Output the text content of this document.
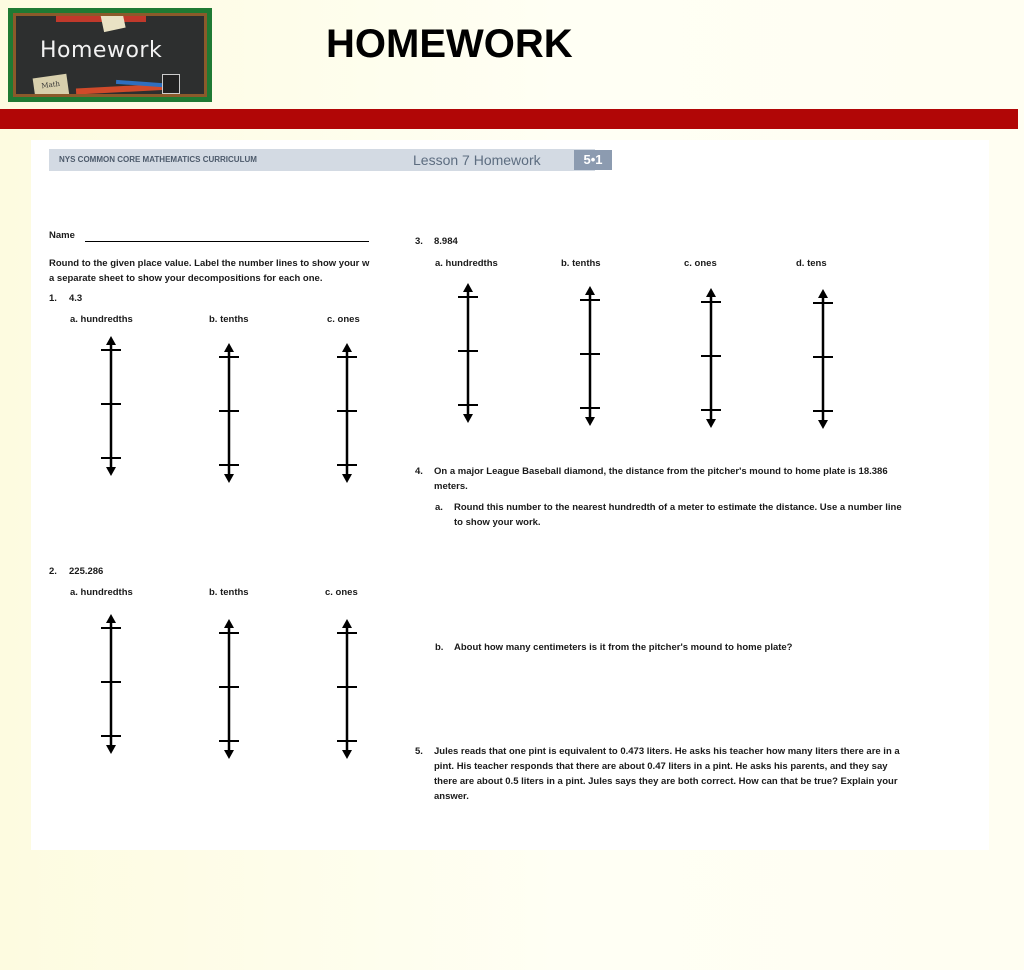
Homework
Math
HOMEWORK
NYS COMMON CORE MATHEMATICS CURRICULUM	Lesson 7 Homework	5•1
Name
Round to the given place value. Label the number lines to show your w
a separate sheet to show your decompositions for each one.
1. 4.3
a. hundredths	b. tenths	c. ones
2. 225.286
a. hundredths	b. tenths	c. ones
3. 8.984
a. hundredths	b. tenths	c. ones	d. tens
4. On a major League Baseball diamond, the distance from the pitcher's mound to home plate is 18.386
meters.
a. Round this number to the nearest hundredth of a meter to estimate the distance. Use a number line
to show your work.
b. About how many centimeters is it from the pitcher's mound to home plate?
5. Jules reads that one pint is equivalent to 0.473 liters. He asks his teacher how many liters there are in a
pint. His teacher responds that there are about 0.47 liters in a pint. He asks his parents, and they say
there are about 0.5 liters in a pint. Jules says they are both correct. How can that be true? Explain your
answer.
